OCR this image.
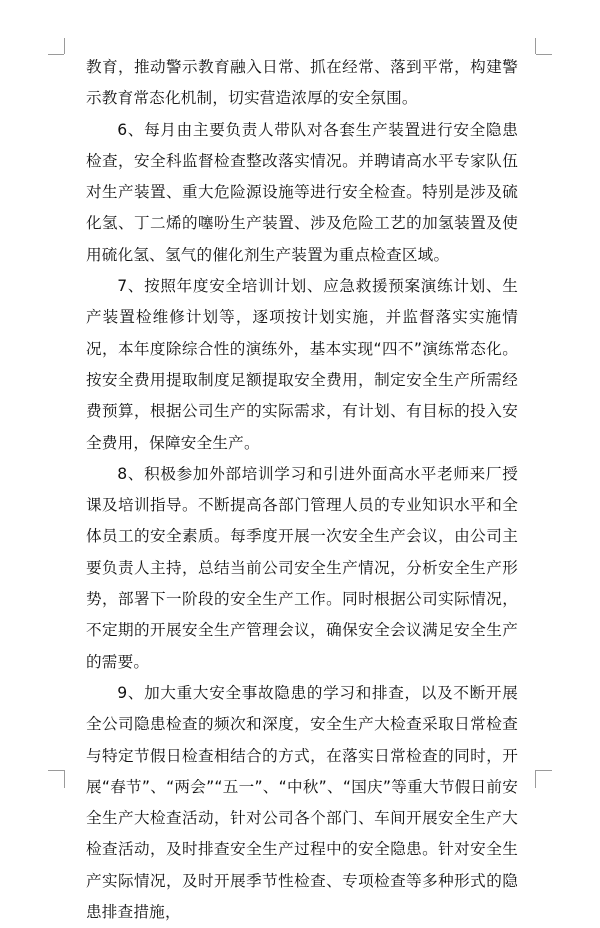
教育，推动警示教育融入日常、抓在经常、落到平常，构建警示教育常态化机制，切实营造浓厚的安全氛围。

6、每月由主要负责人带队对各套生产装置进行安全隐患检查，安全科监督检查整改落实情况。并聘请高水平专家队伍对生产装置、重大危险源设施等进行安全检查。特别是涉及硫化氢、丁二烯的噻吩生产装置、涉及危险工艺的加氢装置及使用硫化氢、氢气的催化剂生产装置为重点检查区域。

7、按照年度安全培训计划、应急救援预案演练计划、生产装置检维修计划等，逐项按计划实施，并监督落实实施情况，本年度除综合性的演练外，基本实现“四不”演练常态化。按安全费用提取制度足额提取安全费用，制定安全生产所需经费预算，根据公司生产的实际需求，有计划、有目标的投入安全费用，保障安全生产。

8、积极参加外部培训学习和引进外面高水平老师来厂授课及培训指导。不断提高各部门管理人员的专业知识水平和全体员工的安全素质。每季度开展一次安全生产会议，由公司主要负责人主持，总结当前公司安全生产情况，分析安全生产形势，部署下一阶段的安全生产工作。同时根据公司实际情况，不定期的开展安全生产管理会议，确保安全会议满足安全生产的需要。

9、加大重大安全事故隐患的学习和排查，以及不断开展全公司隐患检查的频次和深度，安全生产大检查采取日常检查与特定节假日检查相结合的方式，在落实日常检查的同时，开展“春节”、“两会”“五一”、“中秋”、“国庆”等重大节假日前安全生产大检查活动，针对公司各个部门、车间开展安全生产大检查活动，及时排查安全生产过程中的安全隐患。针对安全生产实际情况，及时开展季节性检查、专项检查等多种形式的隐患排查措施，
